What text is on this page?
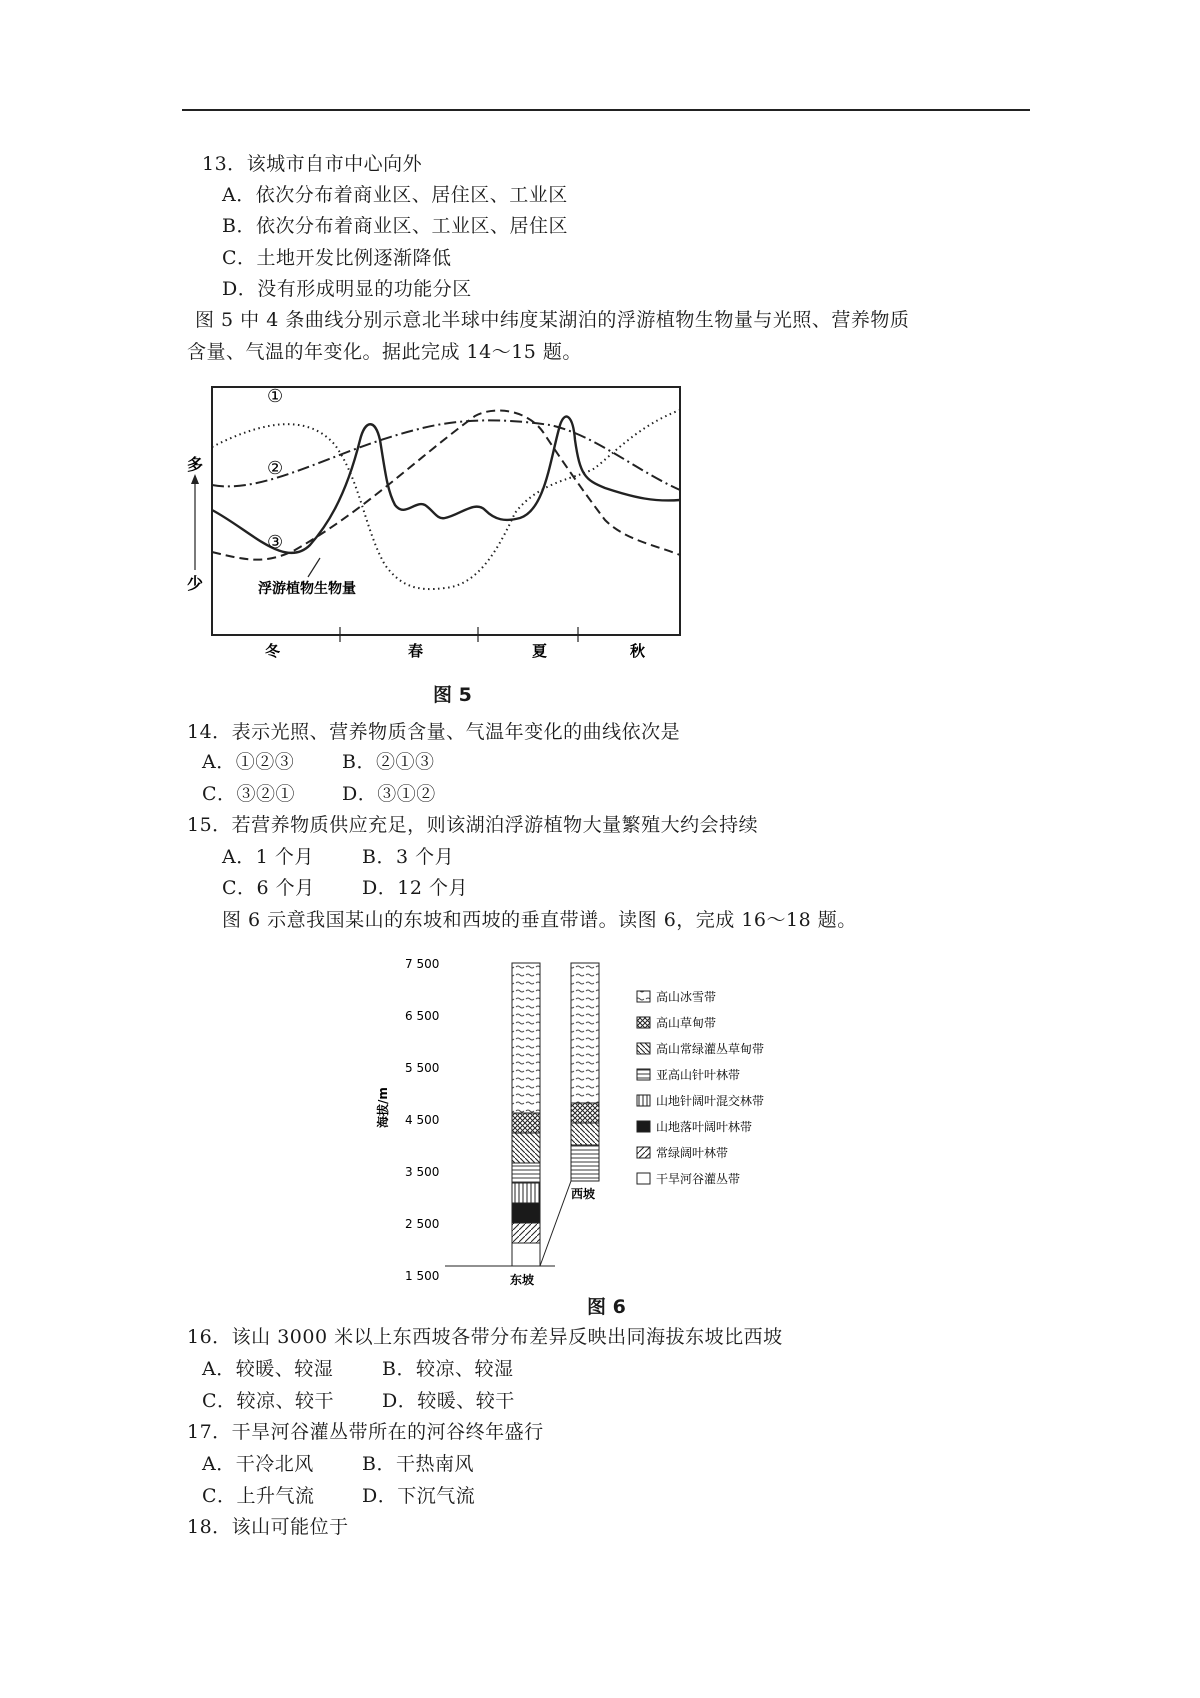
13．该城市自市中心向外
A．依次分布着商业区、居住区、工业区
B．依次分布着商业区、工业区、居住区
C．土地开发比例逐渐降低
D．没有形成明显的功能分区
图 5 中 4 条曲线分别示意北半球中纬度某湖泊的浮游植物生物量与光照、营养物质
含量、气温的年变化。据此完成 14～15 题。
多
少
冬	春	夏	秋
①
②
③
浮游植物生物量
图 5
14．表示光照、营养物质含量、气温年变化的曲线依次是
A．①②③	B．②①③
C．③②① D．③①②
15．若营养物质供应充足，则该湖泊浮游植物大量繁殖大约会持续
A．1 个月	B．3 个月
C．6 个月 D．12 个月
图 6 示意我国某山的东坡和西坡的垂直带谱。读图 6，完成 16～18 题。
7 500
6 500
5 500
4 500
3 500
2 500
1 500
海拔/m
东坡
西坡
高山冰雪带
高山草甸带
高山常绿灌丛草甸带
亚高山针叶林带
山地针阔叶混交林带
山地落叶阔叶林带
常绿阔叶林带
干旱河谷灌丛带
图 6
16．该山 3000 米以上东西坡各带分布差异反映出同海拔东坡比西坡
A．较暖、较湿	B．较凉、较湿
C．较凉、较干	D．较暖、较干
17．干旱河谷灌丛带所在的河谷终年盛行
A．干冷北风	B．干热南风
C．上升气流 D．下沉气流
18．该山可能位于
